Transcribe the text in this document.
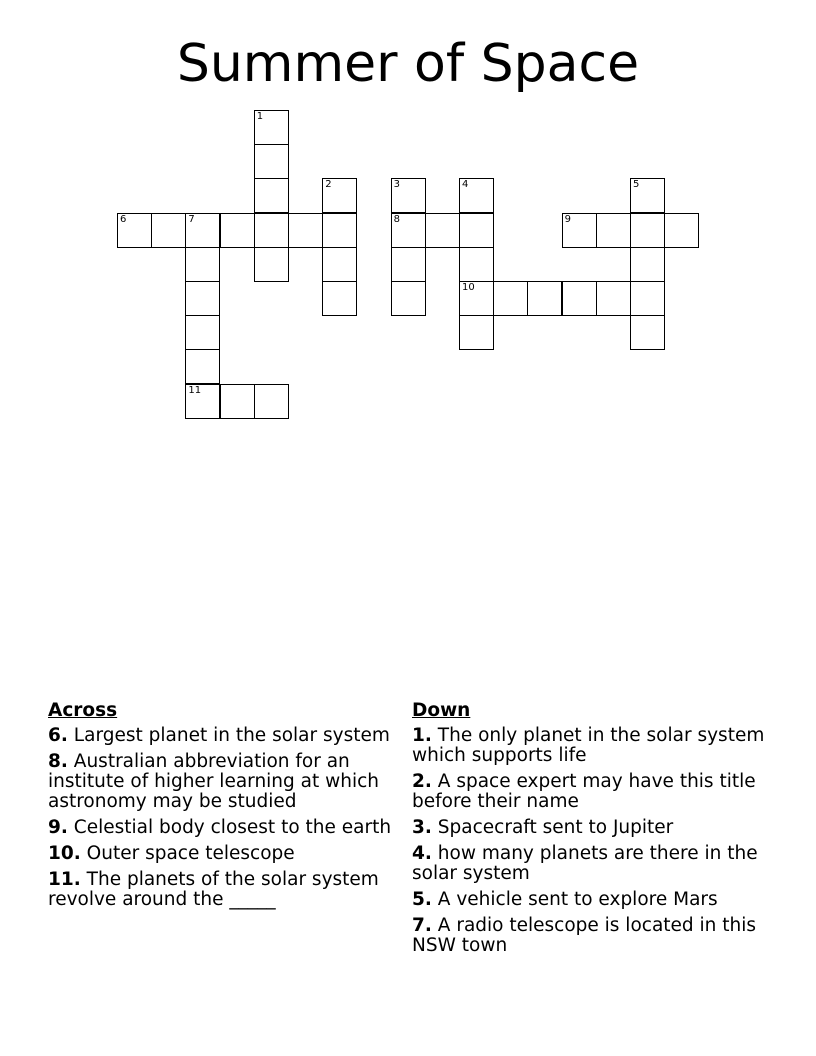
Summer of Space
1
2	3	4	5
6	7	8	9
10
11
Across
6. Largest planet in the solar system
8. Australian abbreviation for an institute of higher learning at which astronomy may be studied
9. Celestial body closest to the earth
10. Outer space telescope
11. The planets of the solar system revolve around the _____
Down
1. The only planet in the solar system which supports life
2. A space expert may have this title before their name
3. Spacecraft sent to Jupiter
4. how many planets are there in the solar system
5. A vehicle sent to explore Mars
7. A radio telescope is located in this NSW town
